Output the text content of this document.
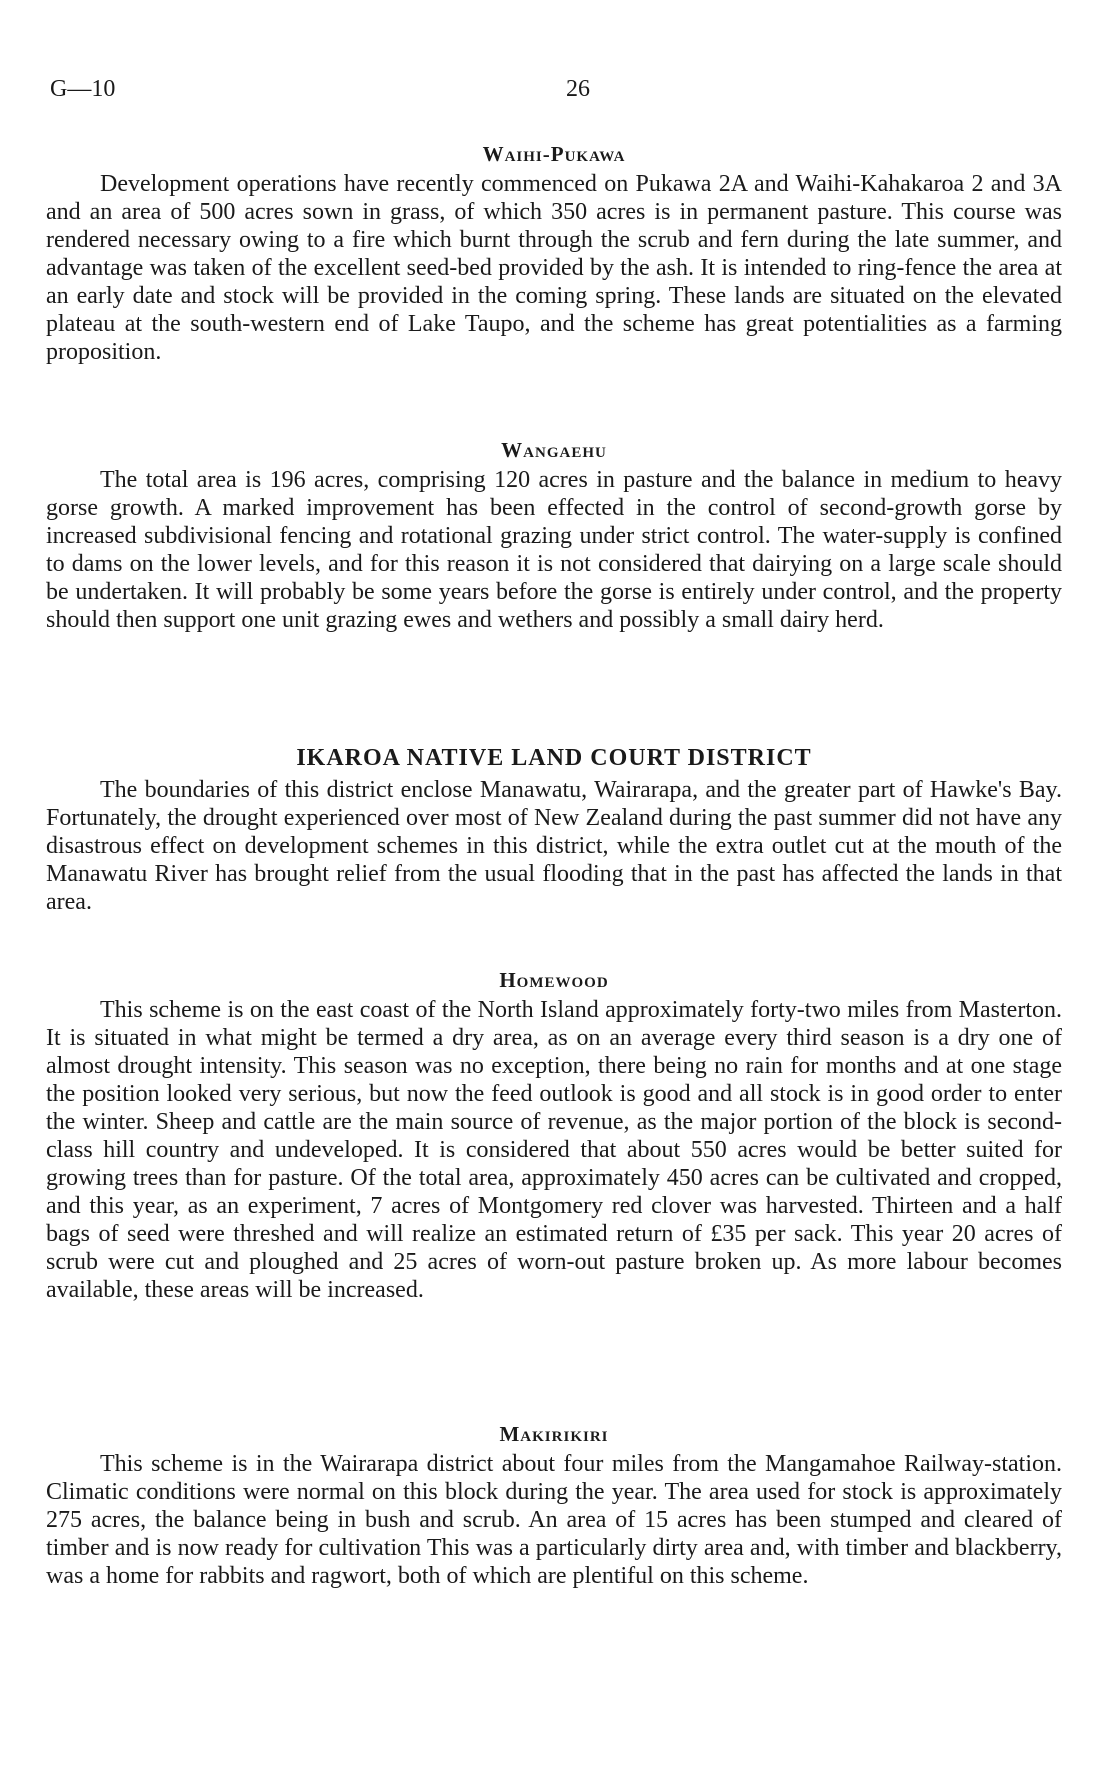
G—10	26
Waihi-Pukawa

Development operations have recently commenced on Pukawa 2A and Waihi-Kahakaroa 2 and 3A and an area of 500 acres sown in grass, of which 350 acres is in permanent pasture. This course was rendered necessary owing to a fire which burnt through the scrub and fern during the late summer, and advantage was taken of the excellent seed-bed provided by the ash. It is intended to ring-fence the area at an early date and stock will be provided in the coming spring. These lands are situated on the elevated plateau at the south-western end of Lake Taupo, and the scheme has great potentialities as a farming proposition.

Wangaehu

The total area is 196 acres, comprising 120 acres in pasture and the balance in medium to heavy gorse growth. A marked improvement has been effected in the control of second-growth gorse by increased subdivisional fencing and rotational grazing under strict control. The water-supply is confined to dams on the lower levels, and for this reason it is not considered that dairying on a large scale should be undertaken. It will probably be some years before the gorse is entirely under control, and the property should then support one unit grazing ewes and wethers and possibly a small dairy herd.

IKAROA NATIVE LAND COURT DISTRICT

The boundaries of this district enclose Manawatu, Wairarapa, and the greater part of Hawke's Bay. Fortunately, the drought experienced over most of New Zealand during the past summer did not have any disastrous effect on development schemes in this district, while the extra outlet cut at the mouth of the Manawatu River has brought relief from the usual flooding that in the past has affected the lands in that area.

Homewood

This scheme is on the east coast of the North Island approximately forty-two miles from Masterton. It is situated in what might be termed a dry area, as on an average every third season is a dry one of almost drought intensity. This season was no exception, there being no rain for months and at one stage the position looked very serious, but now the feed outlook is good and all stock is in good order to enter the winter. Sheep and cattle are the main source of revenue, as the major portion of the block is second-class hill country and undeveloped. It is considered that about 550 acres would be better suited for growing trees than for pasture. Of the total area, approximately 450 acres can be cultivated and cropped, and this year, as an experiment, 7 acres of Montgomery red clover was harvested. Thirteen and a half bags of seed were threshed and will realize an estimated return of £35 per sack. This year 20 acres of scrub were cut and ploughed and 25 acres of worn-out pasture broken up. As more labour becomes available, these areas will be increased.

Makirikiri

This scheme is in the Wairarapa district about four miles from the Mangamahoe Railway-station. Climatic conditions were normal on this block during the year. The area used for stock is approximately 275 acres, the balance being in bush and scrub. An area of 15 acres has been stumped and cleared of timber and is now ready for cultivation This was a particularly dirty area and, with timber and blackberry, was a home for rabbits and ragwort, both of which are plentiful on this scheme.
